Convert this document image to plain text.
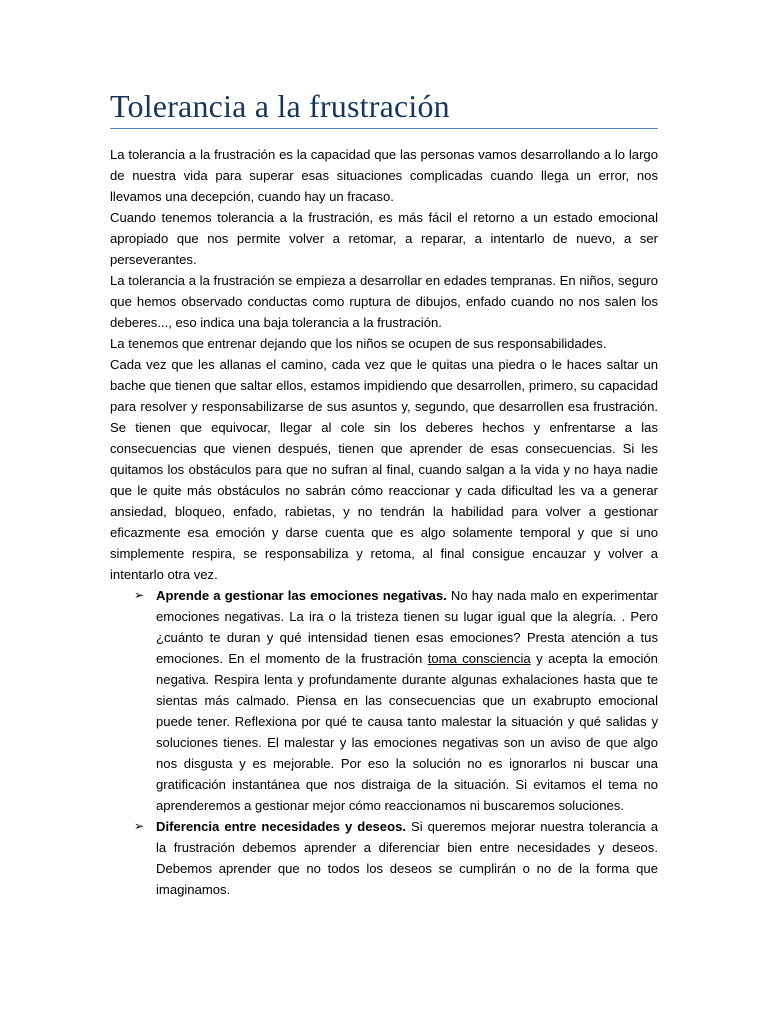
Tolerancia a la frustración

La tolerancia a la frustración es la capacidad que las personas vamos desarrollando a lo largo de nuestra vida para superar esas situaciones complicadas cuando llega un error, nos llevamos una decepción, cuando hay un fracaso.

Cuando tenemos tolerancia a la frustración, es más fácil el retorno a un estado emocional apropiado que nos permite volver a retomar, a reparar, a intentarlo de nuevo, a ser perseverantes.

La tolerancia a la frustración se empieza a desarrollar en edades tempranas. En niños, seguro que hemos observado conductas como ruptura de dibujos, enfado cuando no nos salen los deberes..., eso indica una baja tolerancia a la frustración.

La tenemos que entrenar dejando que los niños se ocupen de sus responsabilidades.

Cada vez que les allanas el camino, cada vez que le quitas una piedra o le haces saltar un bache que tienen que saltar ellos, estamos impidiendo que desarrollen, primero, su capacidad para resolver y responsabilizarse de sus asuntos y, segundo, que desarrollen esa frustración. Se tienen que equivocar, llegar al cole sin los deberes hechos y enfrentarse a las consecuencias que vienen después, tienen que aprender de esas consecuencias. Si les quitamos los obstáculos para que no sufran al final, cuando salgan a la vida y no haya nadie que le quite más obstáculos no sabrán cómo reaccionar y cada dificultad les va a generar ansiedad, bloqueo, enfado, rabietas, y no tendrán la habilidad para volver a gestionar eficazmente esa emoción y darse cuenta que es algo solamente temporal y que si uno simplemente respira, se responsabiliza y retoma, al final consigue encauzar y volver a intentarlo otra vez.

➢ Aprende a gestionar las emociones negativas. No hay nada malo en experimentar emociones negativas. La ira o la tristeza tienen su lugar igual que la alegría. . Pero ¿cuánto te duran y qué intensidad tienen esas emociones? Presta atención a tus emociones. En el momento de la frustración toma consciencia y acepta la emoción negativa. Respira lenta y profundamente durante algunas exhalaciones hasta que te sientas más calmado. Piensa en las consecuencias que un exabrupto emocional puede tener. Reflexiona por qué te causa tanto malestar la situación y qué salidas y soluciones tienes. El malestar y las emociones negativas son un aviso de que algo nos disgusta y es mejorable. Por eso la solución no es ignorarlos ni buscar una gratificación instantánea que nos distraiga de la situación. Si evitamos el tema no aprenderemos a gestionar mejor cómo reaccionamos ni buscaremos soluciones.
➢ Diferencia entre necesidades y deseos. Si queremos mejorar nuestra tolerancia a la frustración debemos aprender a diferenciar bien entre necesidades y deseos. Debemos aprender que no todos los deseos se cumplirán o no de la forma que imaginamos.
